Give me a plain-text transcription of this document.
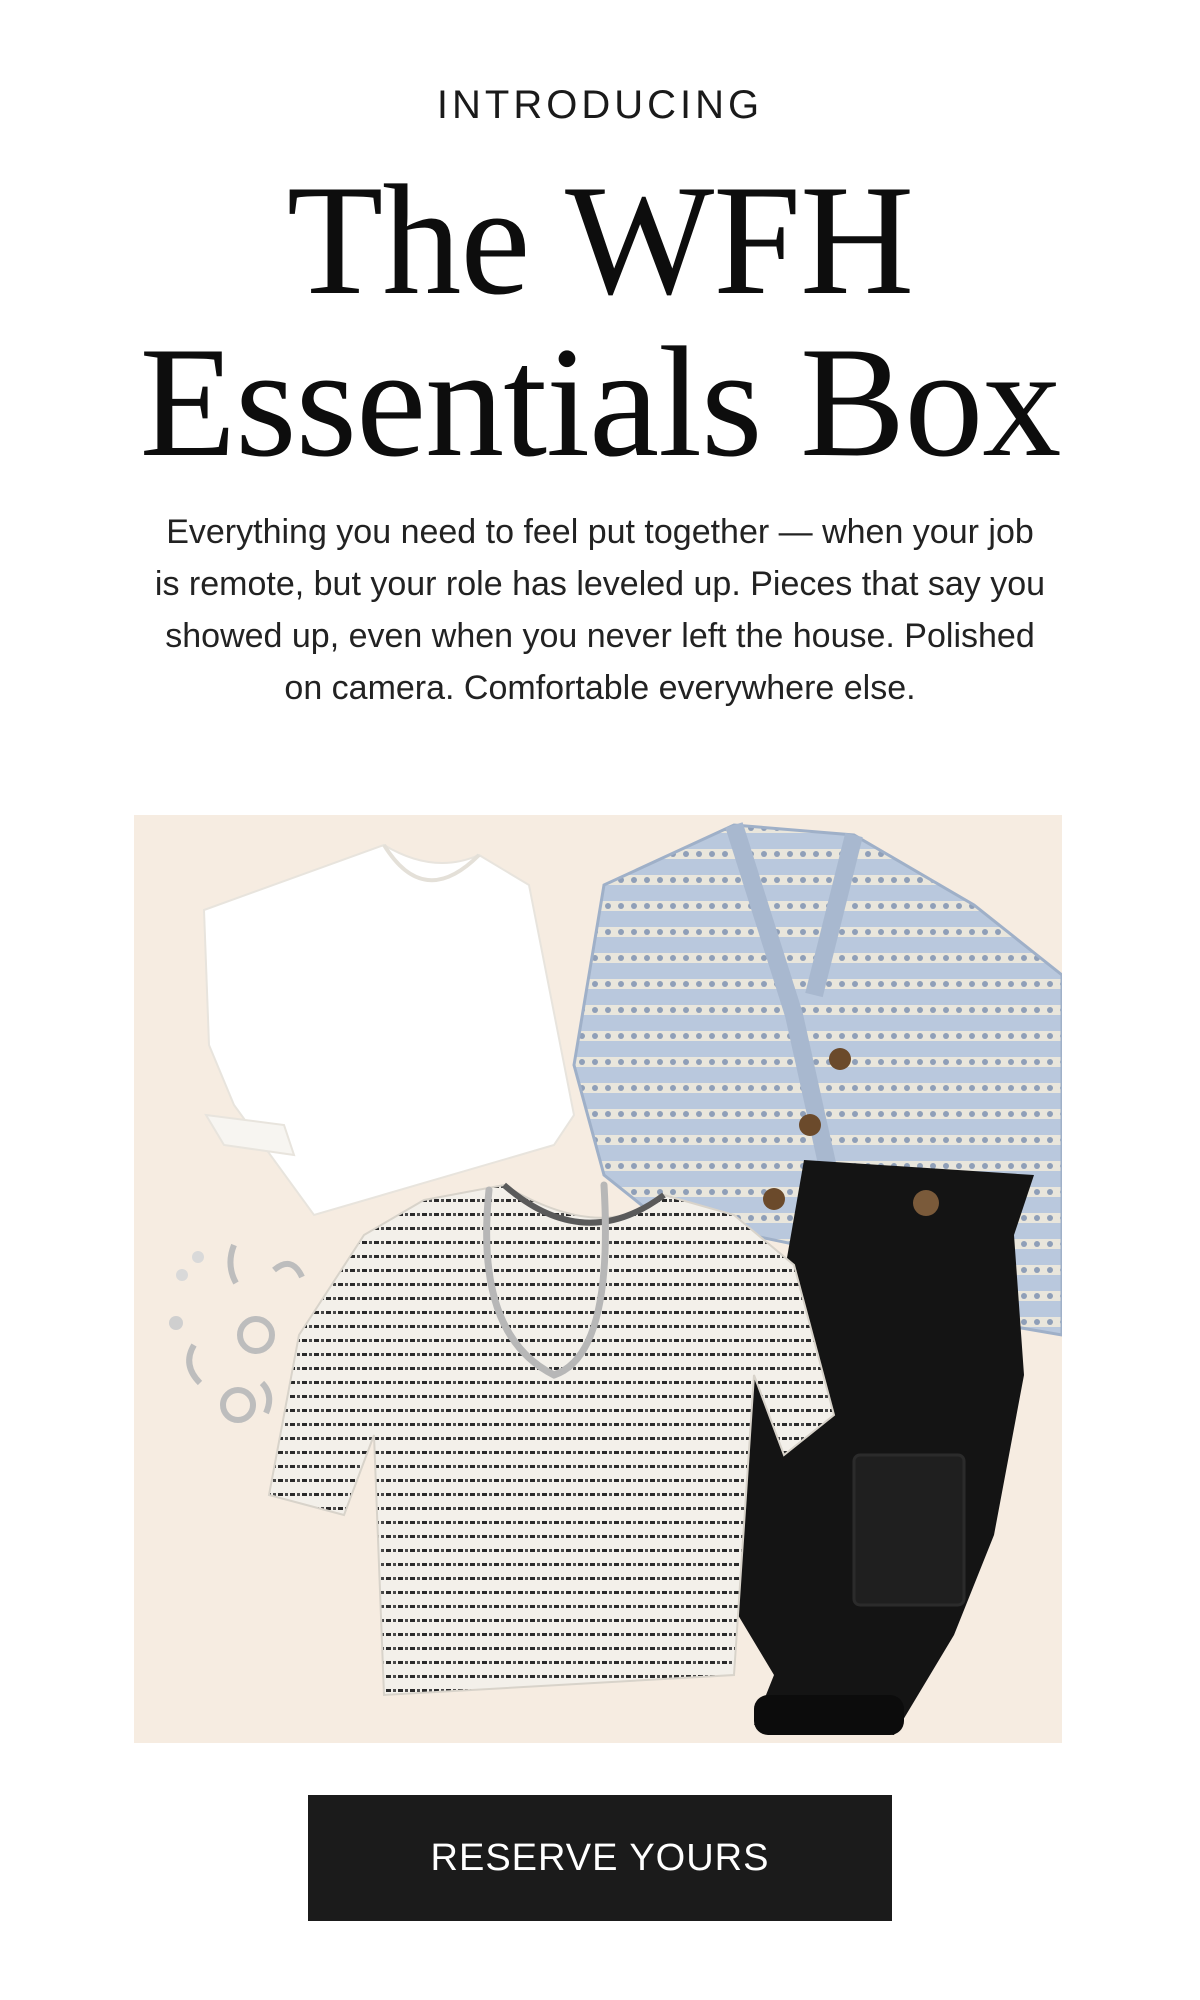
INTRODUCING
The WFH
Essentials Box

Everything you need to feel put together — when your job is remote, but your role has leveled up. Pieces that say you showed up, even when you never left the house. Polished on camera. Comfortable everywhere else.

RESERVE YOURS
